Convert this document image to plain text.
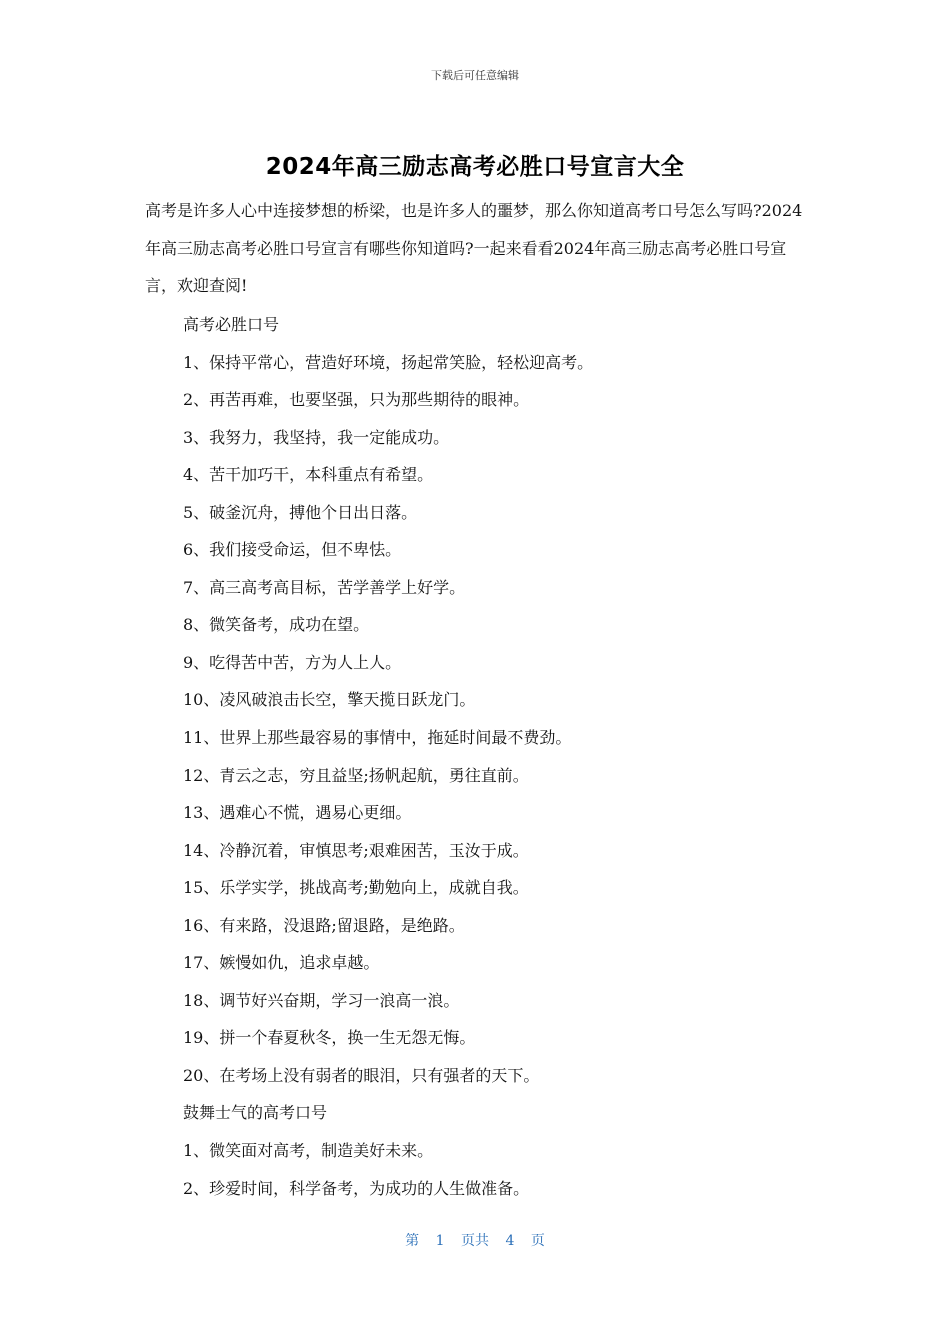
下载后可任意编辑
2024年高三励志高考必胜口号宣言大全
高考是许多人心中连接梦想的桥梁，也是许多人的噩梦，那么你知道高考口号怎么写吗?2024年高三励志高考必胜口号宣言有哪些你知道吗?一起来看看2024年高三励志高考必胜口号宣言，欢迎查阅!
高考必胜口号
1、保持平常心，营造好环境，扬起常笑脸，轻松迎高考。
2、再苦再难，也要坚强，只为那些期待的眼神。
3、我努力，我坚持，我一定能成功。
4、苦干加巧干，本科重点有希望。
5、破釜沉舟，搏他个日出日落。
6、我们接受命运，但不卑怯。
7、高三高考高目标，苦学善学上好学。
8、微笑备考，成功在望。
9、吃得苦中苦，方为人上人。
10、凌风破浪击长空，擎天揽日跃龙门。
11、世界上那些最容易的事情中，拖延时间最不费劲。
12、青云之志，穷且益坚;扬帆起航，勇往直前。
13、遇难心不慌，遇易心更细。
14、冷静沉着，审慎思考;艰难困苦，玉汝于成。
15、乐学实学，挑战高考;勤勉向上，成就自我。
16、有来路，没退路;留退路，是绝路。
17、嫉慢如仇，追求卓越。
18、调节好兴奋期，学习一浪高一浪。
19、拼一个春夏秋冬，换一生无怨无悔。
20、在考场上没有弱者的眼泪，只有强者的天下。
鼓舞士气的高考口号
1、微笑面对高考，制造美好未来。
2、珍爱时间，科学备考，为成功的人生做准备。
第 1 页共 4 页
